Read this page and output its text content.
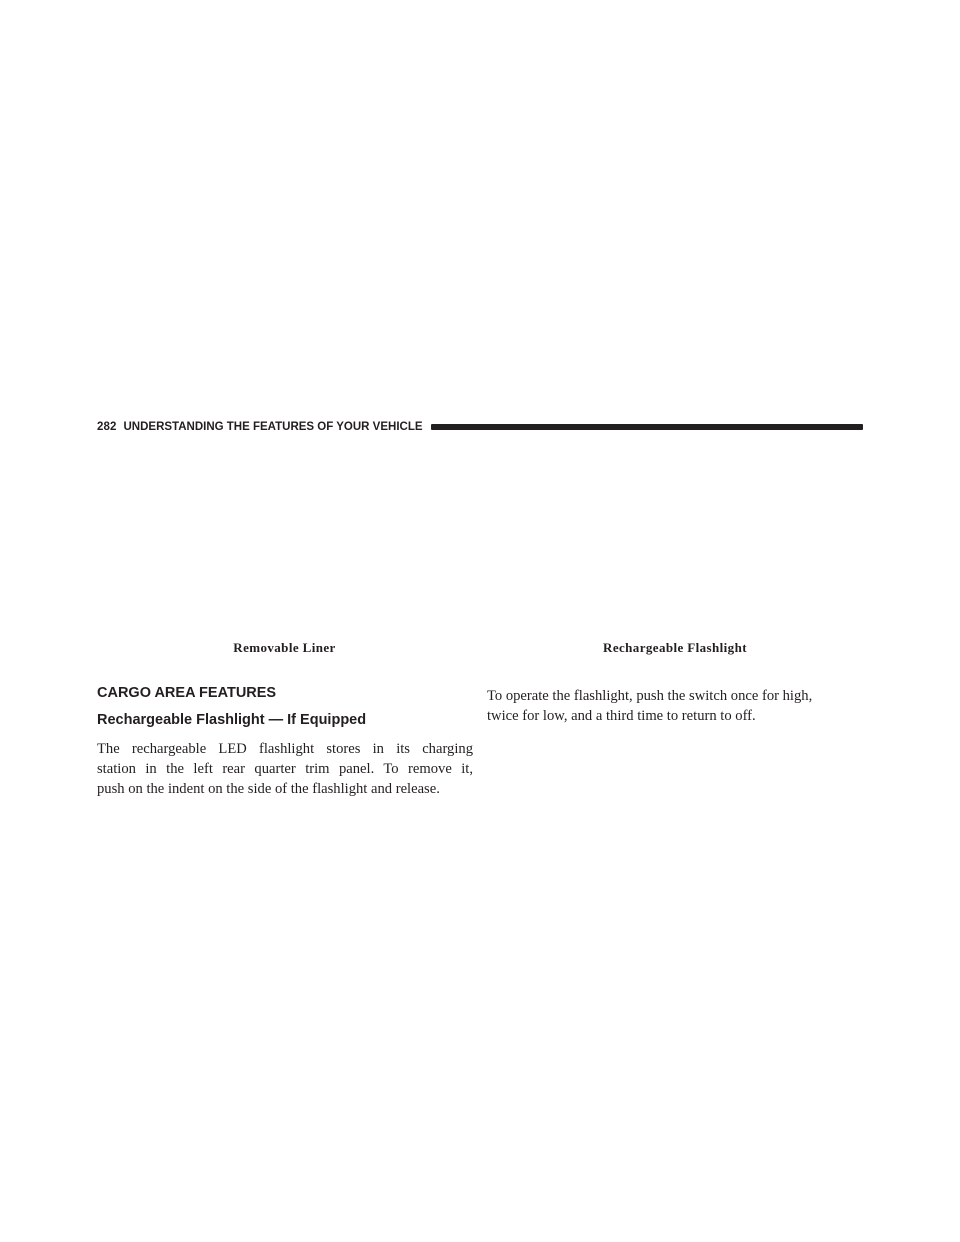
282 UNDERSTANDING THE FEATURES OF YOUR VEHICLE
Removable Liner	Rechargeable Flashlight
CARGO AREA FEATURES
Rechargeable Flashlight — If Equipped

The rechargeable LED flashlight stores in its charging
station in the left rear quarter trim panel. To remove it,
push on the indent on the side of the flashlight and release.

To operate the flashlight, push the switch once for high,
twice for low, and a third time to return to off.
